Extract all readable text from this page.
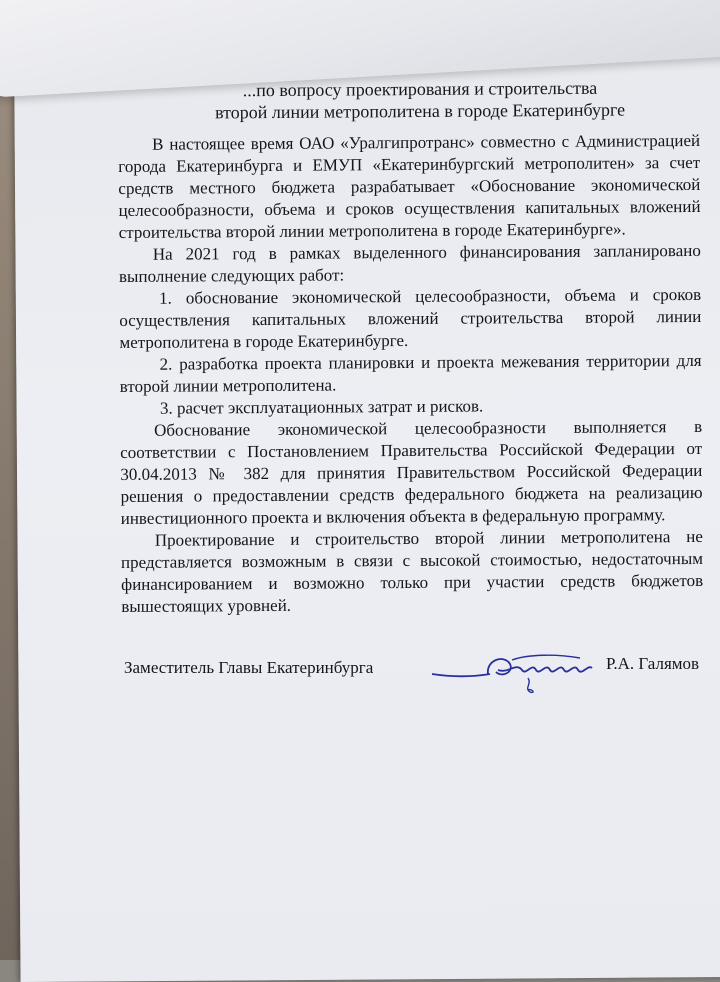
...по вопросу проектирования и строительства
второй линии метрополитена в городе Екатеринбурге

В настоящее время ОАО «Уралгипротранс» совместно с Администрацией города Екатеринбурга и ЕМУП «Екатеринбургский метрополитен» за счет средств местного бюджета разрабатывает «Обоснование экономической целесообразности, объема и сроков осуществления капитальных вложений строительства второй линии метрополитена в городе Екатеринбурге».

На 2021 год в рамках выделенного финансирования запланировано выполнение следующих работ:

1. обоснование экономической целесообразности, объема и сроков осуществления капитальных вложений строительства второй линии метрополитена в городе Екатеринбурге.

2. разработка проекта планировки и проекта межевания территории для второй линии метрополитена.

3. расчет эксплуатационных затрат и рисков.

Обоснование экономической целесообразности выполняется в соответствии с Постановлением Правительства Российской Федерации от 30.04.2013 № 382 для принятия Правительством Российской Федерации решения о предоставлении средств федерального бюджета на реализацию инвестиционного проекта и включения объекта в федеральную программу.

Проектирование и строительство второй линии метрополитена не представляется возможным в связи с высокой стоимостью, недостаточным финансированием и возможно только при участии средств бюджетов вышестоящих уровней.

Заместитель Главы Екатеринбурга	Р.А. Галямов
